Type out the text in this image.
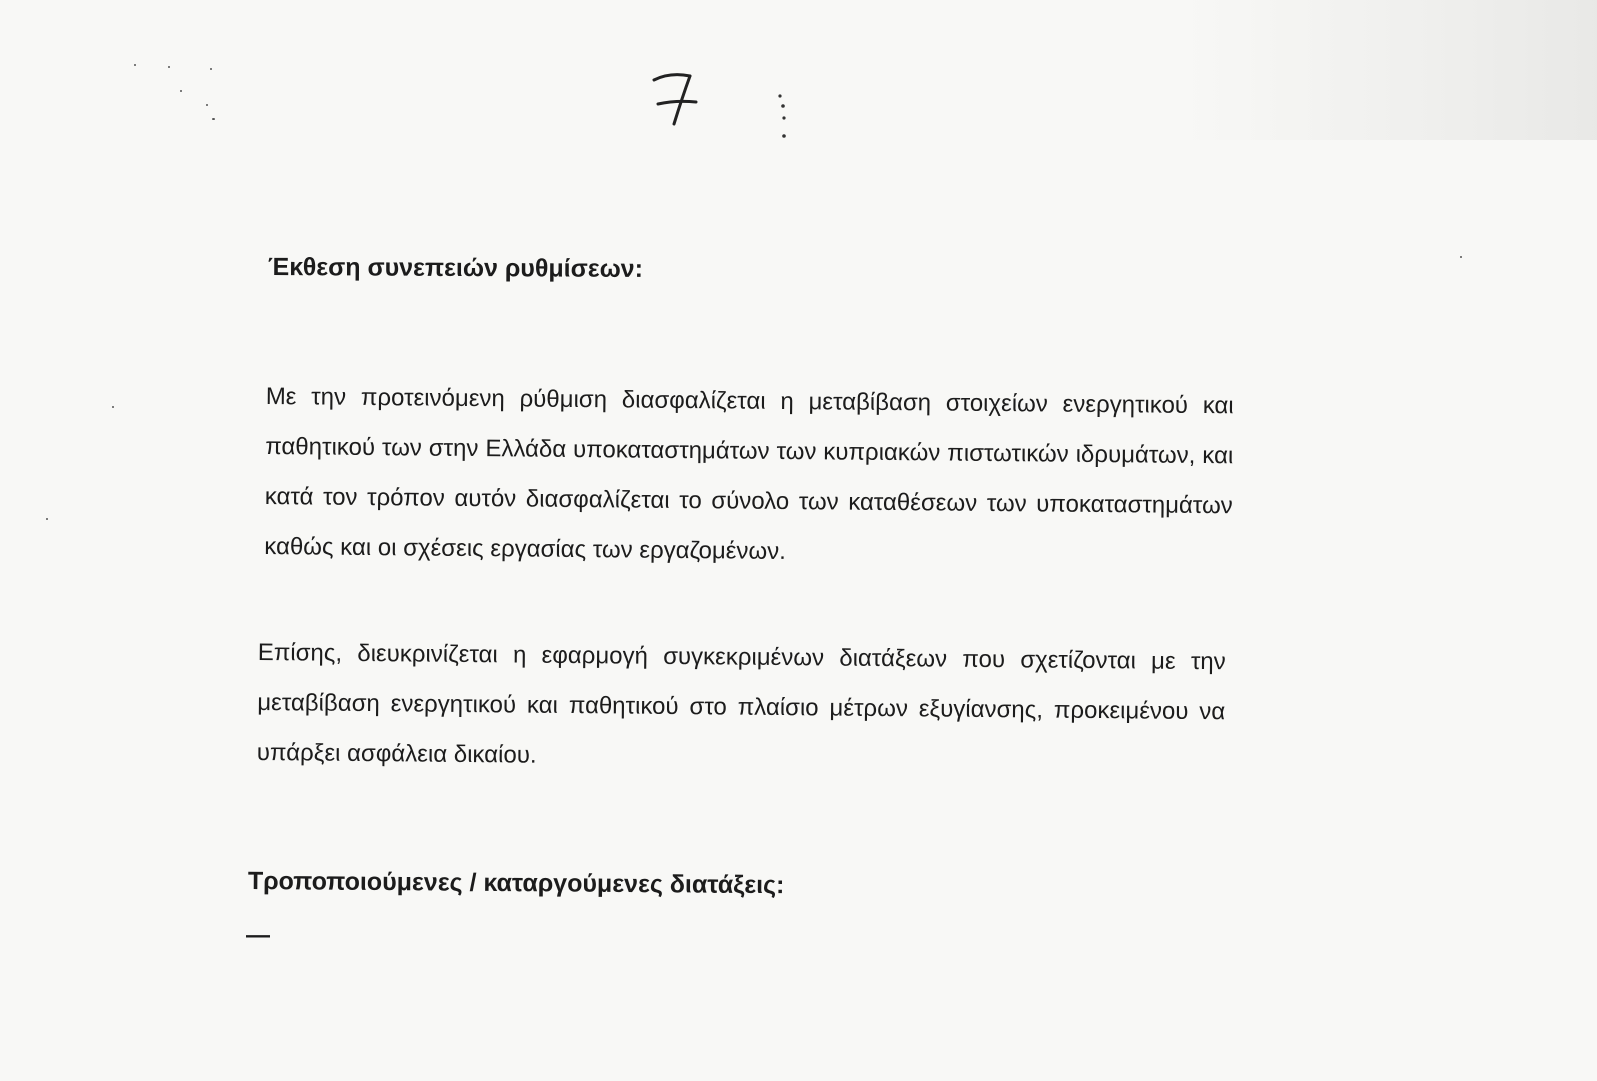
Έκθεση συνεπειών ρυθμίσεων:
Με την προτεινόμενη ρύθμιση διασφαλίζεται η μεταβίβαση στοιχείων ενεργητικού και παθητικού των στην Ελλάδα υποκαταστημάτων των κυπριακών πιστωτικών ιδρυμάτων, και κατά τον τρόπον αυτόν διασφαλίζεται το σύνολο των καταθέσεων των υποκαταστημάτων καθώς και οι σχέσεις εργασίας των εργαζομένων.
Επίσης, διευκρινίζεται η εφαρμογή συγκεκριμένων διατάξεων που σχετίζονται με την μεταβίβαση ενεργητικού και παθητικού στο πλαίσιο μέτρων εξυγίανσης, προκειμένου να υπάρξει ασφάλεια δικαίου.
Τροποποιούμενες / καταργούμενες διατάξεις:
—
